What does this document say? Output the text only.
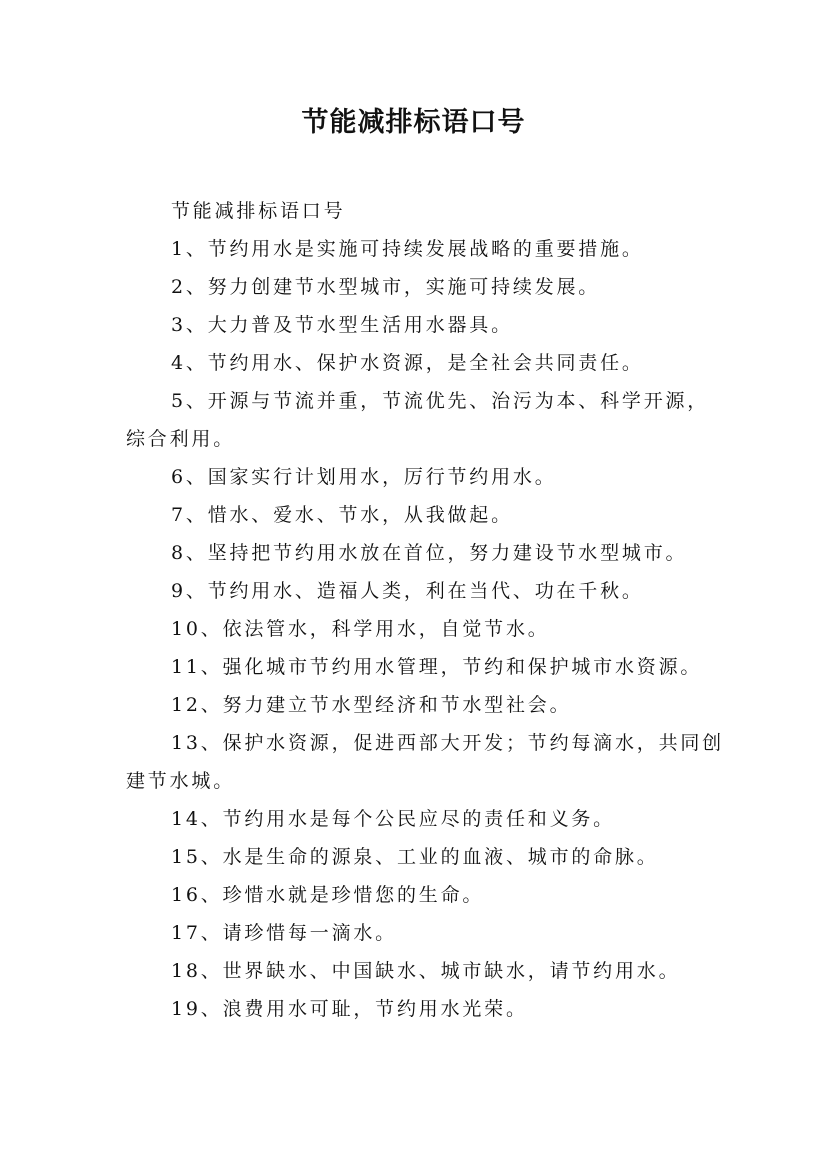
节能减排标语口号

节能减排标语口号

1、节约用水是实施可持续发展战略的重要措施。

2、努力创建节水型城市，实施可持续发展。

3、大力普及节水型生活用水器具。

4、节约用水、保护水资源，是全社会共同责任。

5、开源与节流并重，节流优先、治污为本、科学开源，综合利用。

6、国家实行计划用水，厉行节约用水。

7、惜水、爱水、节水，从我做起。

8、坚持把节约用水放在首位，努力建设节水型城市。

9、节约用水、造福人类，利在当代、功在千秋。

10、依法管水，科学用水，自觉节水。

11、强化城市节约用水管理，节约和保护城市水资源。

12、努力建立节水型经济和节水型社会。

13、保护水资源，促进西部大开发；节约每滴水，共同创建节水城。

14、节约用水是每个公民应尽的责任和义务。

15、水是生命的源泉、工业的血液、城市的命脉。

16、珍惜水就是珍惜您的生命。

17、请珍惜每一滴水。

18、世界缺水、中国缺水、城市缺水，请节约用水。

19、浪费用水可耻，节约用水光荣。
